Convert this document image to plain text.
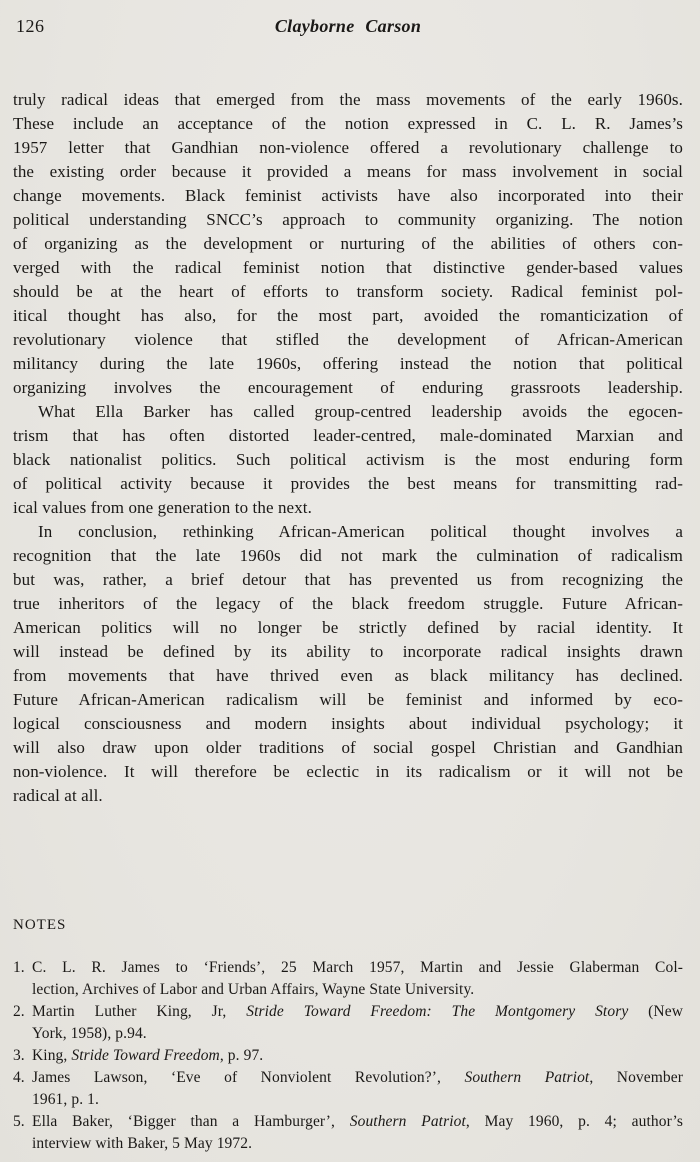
126	Clayborne Carson
truly radical ideas that emerged from the mass movements of the early 1960s.
These include an acceptance of the notion expressed in C. L. R. James’s
1957 letter that Gandhian non-violence offered a revolutionary challenge to
the existing order because it provided a means for mass involvement in social
change movements. Black feminist activists have also incorporated into their
political understanding SNCC’s approach to community organizing. The notion
of organizing as the development or nurturing of the abilities of others con-
verged with the radical feminist notion that distinctive gender-based values
should be at the heart of efforts to transform society. Radical feminist pol-
itical thought has also, for the most part, avoided the romanticization of
revolutionary violence that stifled the development of African-American
militancy during the late 1960s, offering instead the notion that political
organizing involves the encouragement of enduring grassroots leadership.
What Ella Barker has called group-centred leadership avoids the egocen-
trism that has often distorted leader-centred, male-dominated Marxian and
black nationalist politics. Such political activism is the most enduring form
of political activity because it provides the best means for transmitting rad-
ical values from one generation to the next.
In conclusion, rethinking African-American political thought involves a
recognition that the late 1960s did not mark the culmination of radicalism
but was, rather, a brief detour that has prevented us from recognizing the
true inheritors of the legacy of the black freedom struggle. Future African-
American politics will no longer be strictly defined by racial identity. It
will instead be defined by its ability to incorporate radical insights drawn
from movements that have thrived even as black militancy has declined.
Future African-American radicalism will be feminist and informed by eco-
logical consciousness and modern insights about individual psychology; it
will also draw upon older traditions of social gospel Christian and Gandhian
non-violence. It will therefore be eclectic in its radicalism or it will not be
radical at all.
NOTES
1. C. L. R. James to ‘Friends’, 25 March 1957, Martin and Jessie Glaberman Col-
lection, Archives of Labor and Urban Affairs, Wayne State University.
2. Martin Luther King, Jr, Stride Toward Freedom: The Montgomery Story (New
York, 1958), p.94.
3. King, Stride Toward Freedom, p. 97.
4. James Lawson, ‘Eve of Nonviolent Revolution?’, Southern Patriot, November
1961, p. 1.
5. Ella Baker, ‘Bigger than a Hamburger’, Southern Patriot, May 1960, p. 4; author’s
interview with Baker, 5 May 1972.
